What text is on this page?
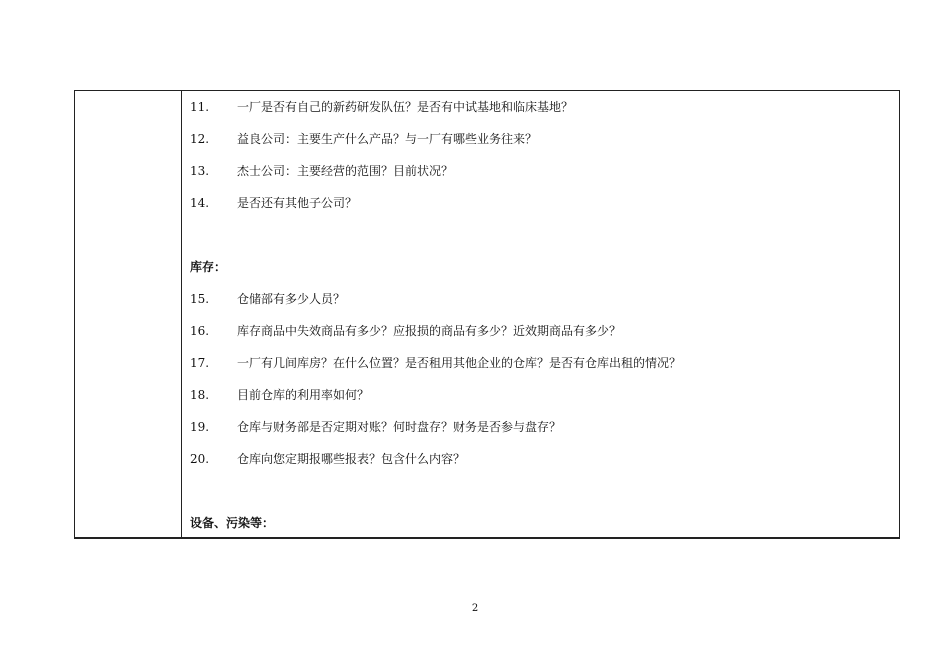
11.	一厂是否有自己的新药研发队伍？是否有中试基地和临床基地？
12.	益良公司：主要生产什么产品？与一厂有哪些业务往来？
13.	杰士公司：主要经营的范围？目前状况？
14.	是否还有其他子公司？
库存：
15.	仓储部有多少人员？
16.	库存商品中失效商品有多少？应报损的商品有多少？近效期商品有多少？
17.	一厂有几间库房？在什么位置？是否租用其他企业的仓库？是否有仓库出租的情况？
18.	目前仓库的利用率如何？
19.	仓库与财务部是否定期对账？何时盘存？财务是否参与盘存？
20.	仓库向您定期报哪些报表？包含什么内容？
设备、污染等：
2
